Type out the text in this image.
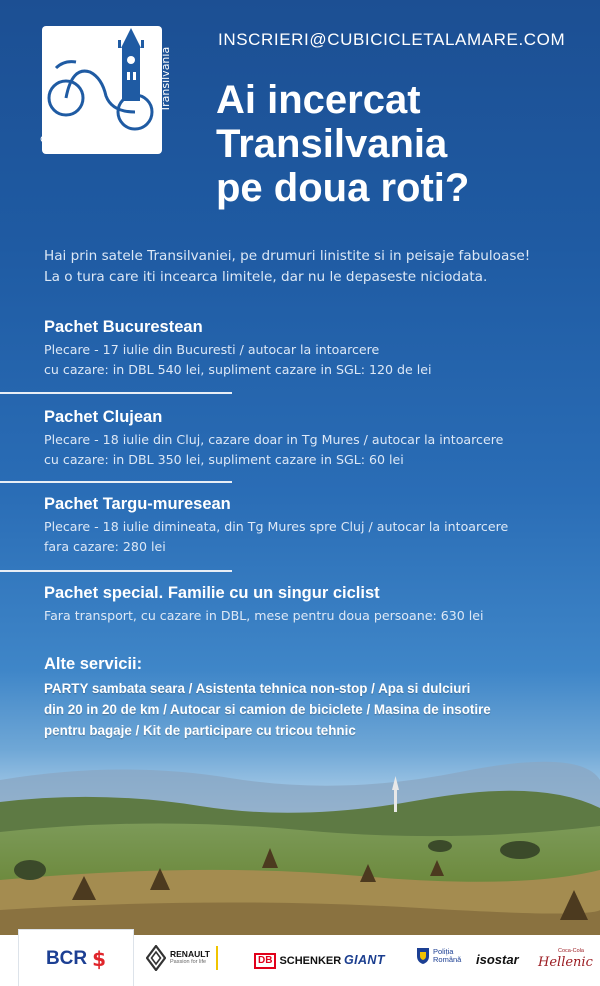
cu bicicleta în
Transilvania
INSCRIERI@CUBICICLETALAMARE.COM
Ai incercat
Transilvania
pe doua roti?
Hai prin satele Transilvaniei, pe drumuri linistite si in peisaje fabuloase!
La o tura care iti incearca limitele, dar nu le depaseste niciodata.
Pachet Bucurestean

Plecare - 17 iulie din Bucuresti / autocar la intoarcere
cu cazare: in DBL 540 lei, supliment cazare in SGL: 120 de lei

Pachet Clujean

Plecare - 18 iulie din Cluj, cazare doar in Tg Mures / autocar la intoarcere
cu cazare: in DBL 350 lei, supliment cazare in SGL: 60 lei

Pachet Targu-muresean

Plecare - 18 iulie dimineata, din Tg Mures spre Cluj / autocar la intoarcere
fara cazare: 280 lei

Pachet special. Familie cu un singur ciclist

Fara transport, cu cazare in DBL, mese pentru doua persoane: 630 lei

Alte servicii:
PARTY sambata seara / Asistenta tehnica non-stop / Apa si dulciuri
din 20 in 20 de km / Autocar si camion de biciclete / Masina de insotire
pentru bagaje / Kit de participare cu tricou tehnic
BCR $	RENAULT
Passion for life	DB SCHENKER GIANT
Poliția
Română isostar
Coca-Cola
Hellenic
